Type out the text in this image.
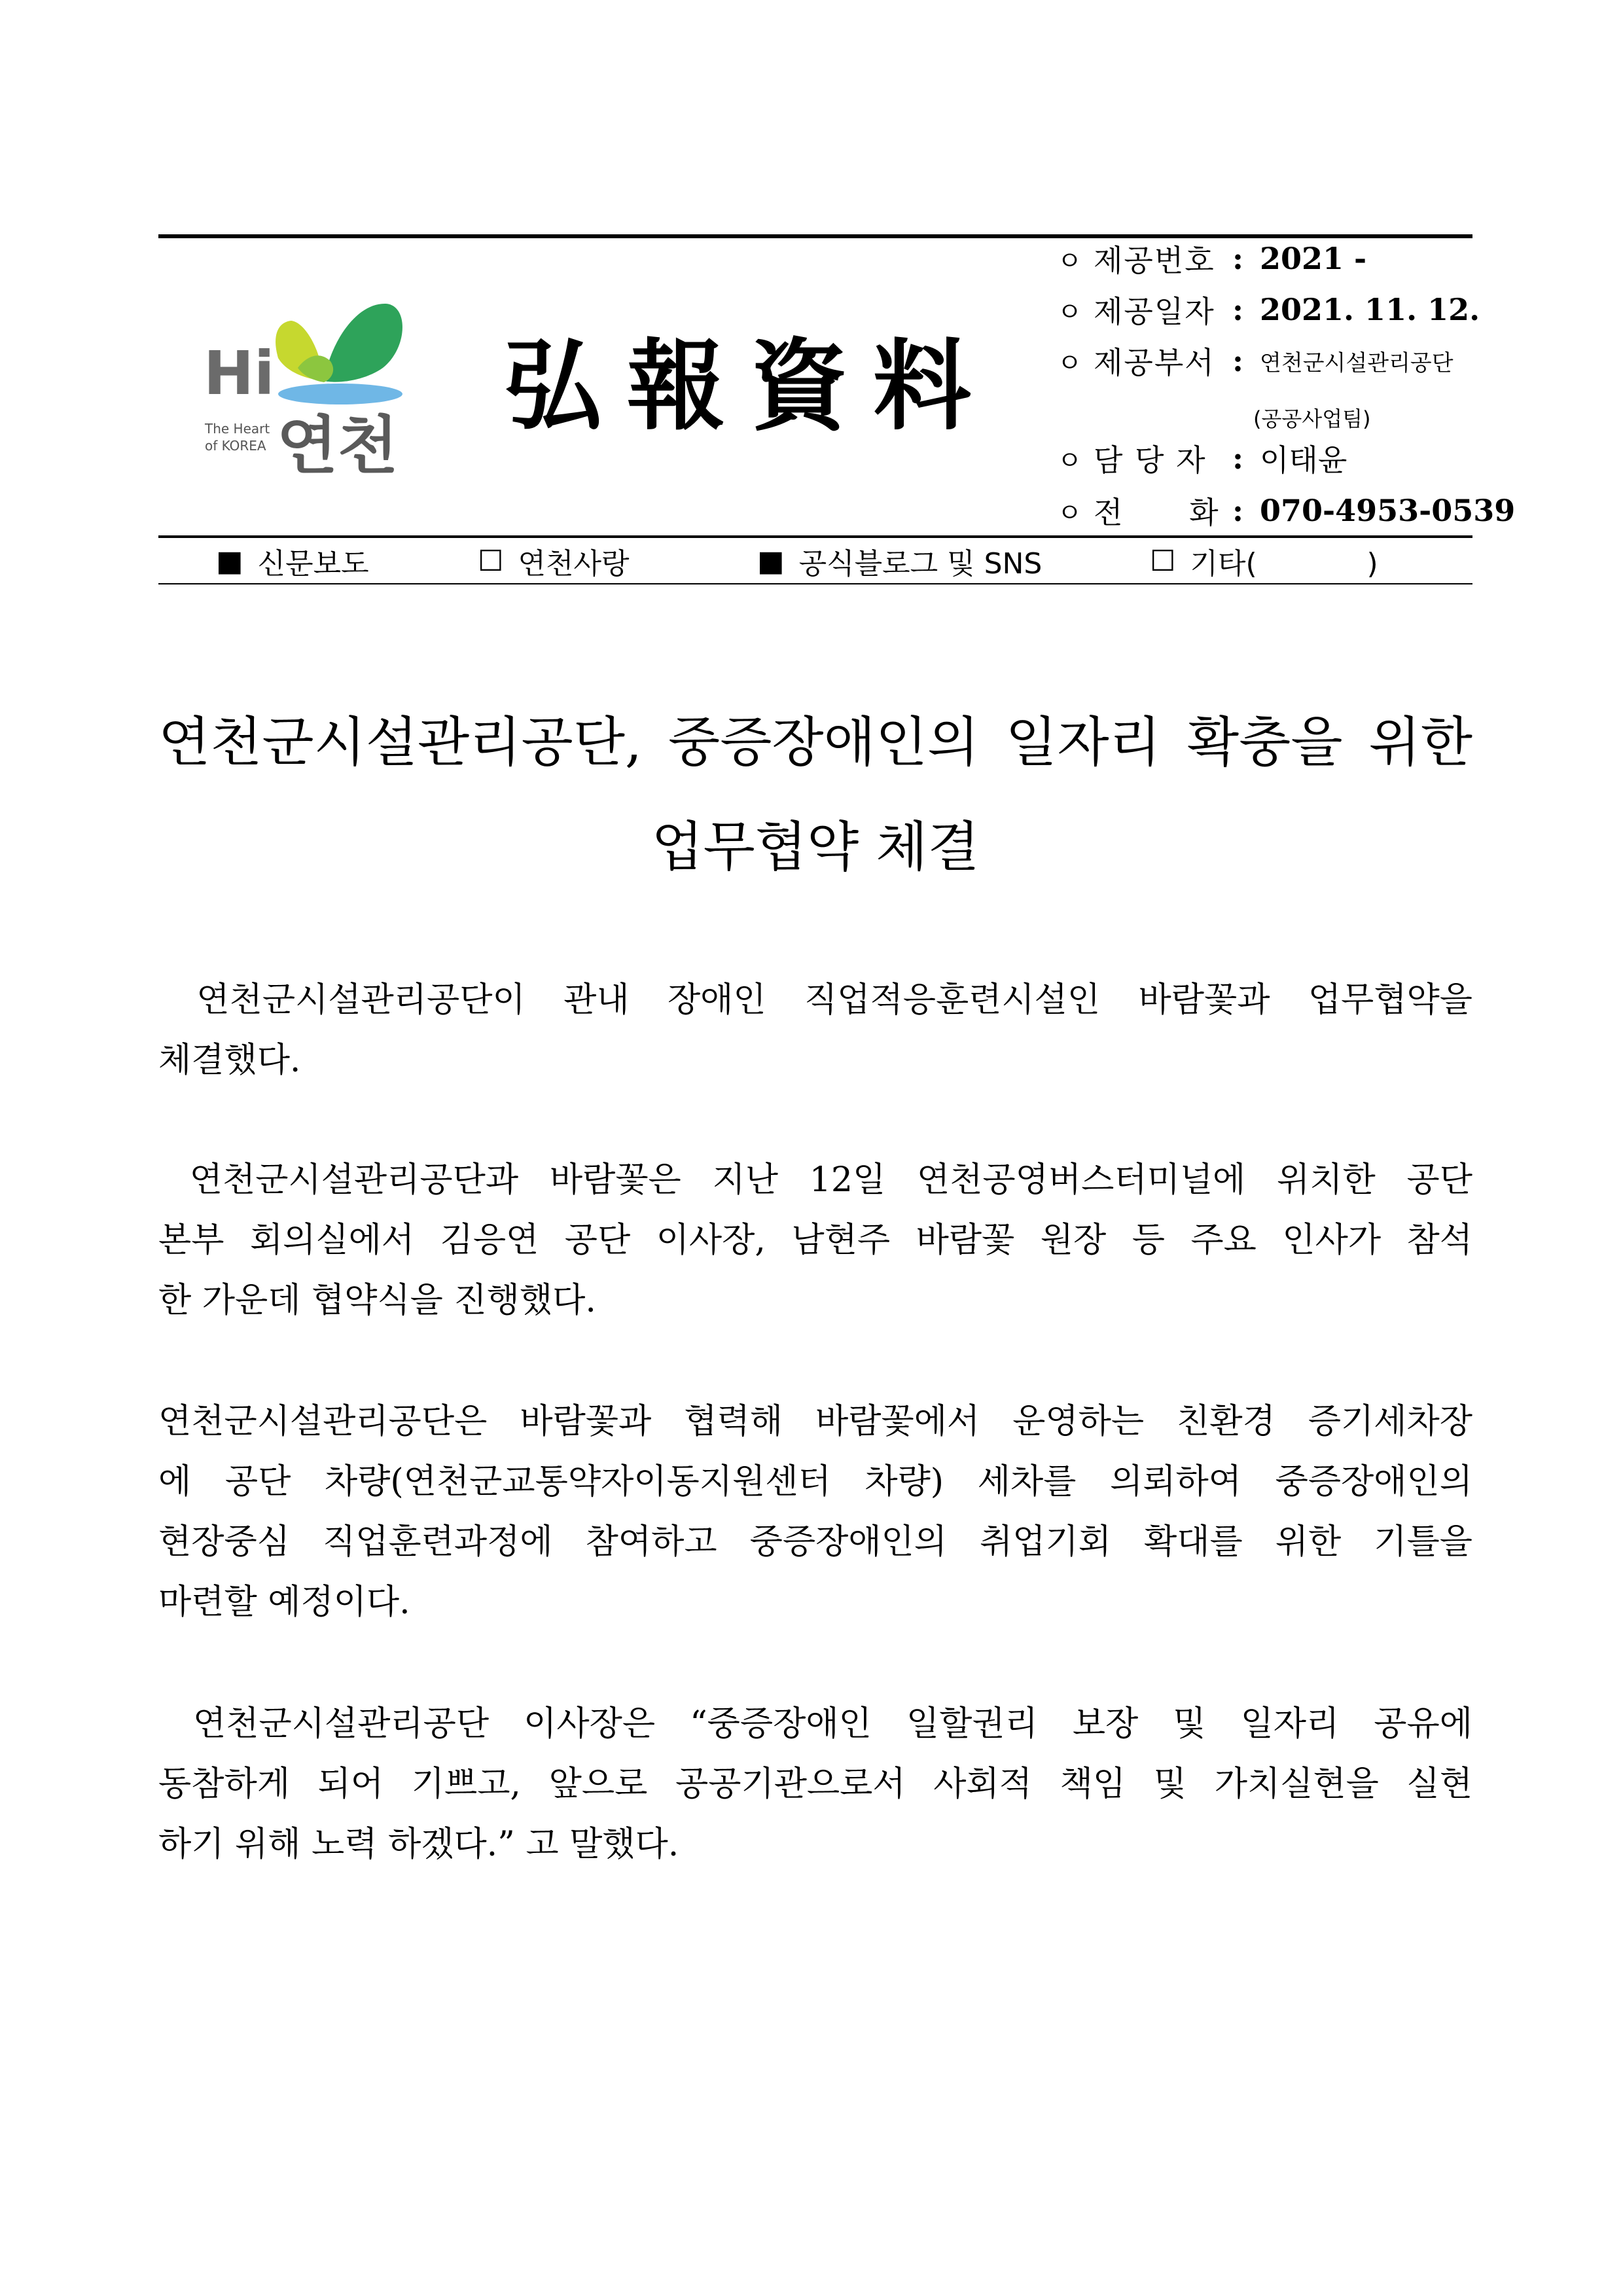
Hi
The Heart
of KOREA 연천
弘報資料
ㅇ 제공번호 : 2021 -
ㅇ 제공일자 : 2021. 11. 12.
ㅇ 제공부서 : 연천군시설관리공단
(공공사업팀)
ㅇ 담 당 자 : 이태윤
ㅇ 전      화 : 070-4953-0539
■ 신문보도	☐ 연천사랑	■ 공식블로그 및 SNS	☐ 기타(            )
연천군시설관리공단, 중증장애인의 일자리 확충을 위한
업무협약 체결
연천군시설관리공단이 관내 장애인 직업적응훈련시설인 바람꽃과 업무협약을
체결했다.
연천군시설관리공단과 바람꽃은 지난 12일 연천공영버스터미널에 위치한 공단
본부 회의실에서 김응연 공단 이사장, 남현주 바람꽃 원장 등 주요 인사가 참석
한 가운데 협약식을 진행했다.
연천군시설관리공단은 바람꽃과 협력해 바람꽃에서 운영하는 친환경 증기세차장
에 공단 차량(연천군교통약자이동지원센터 차량) 세차를 의뢰하여 중증장애인의
현장중심 직업훈련과정에 참여하고 중증장애인의 취업기회 확대를 위한 기틀을
마련할 예정이다.
연천군시설관리공단 이사장은 “중증장애인 일할권리 보장 및 일자리 공유에
동참하게 되어 기쁘고, 앞으로 공공기관으로서 사회적 책임 및 가치실현을 실현
하기 위해 노력 하겠다.” 고 말했다.
